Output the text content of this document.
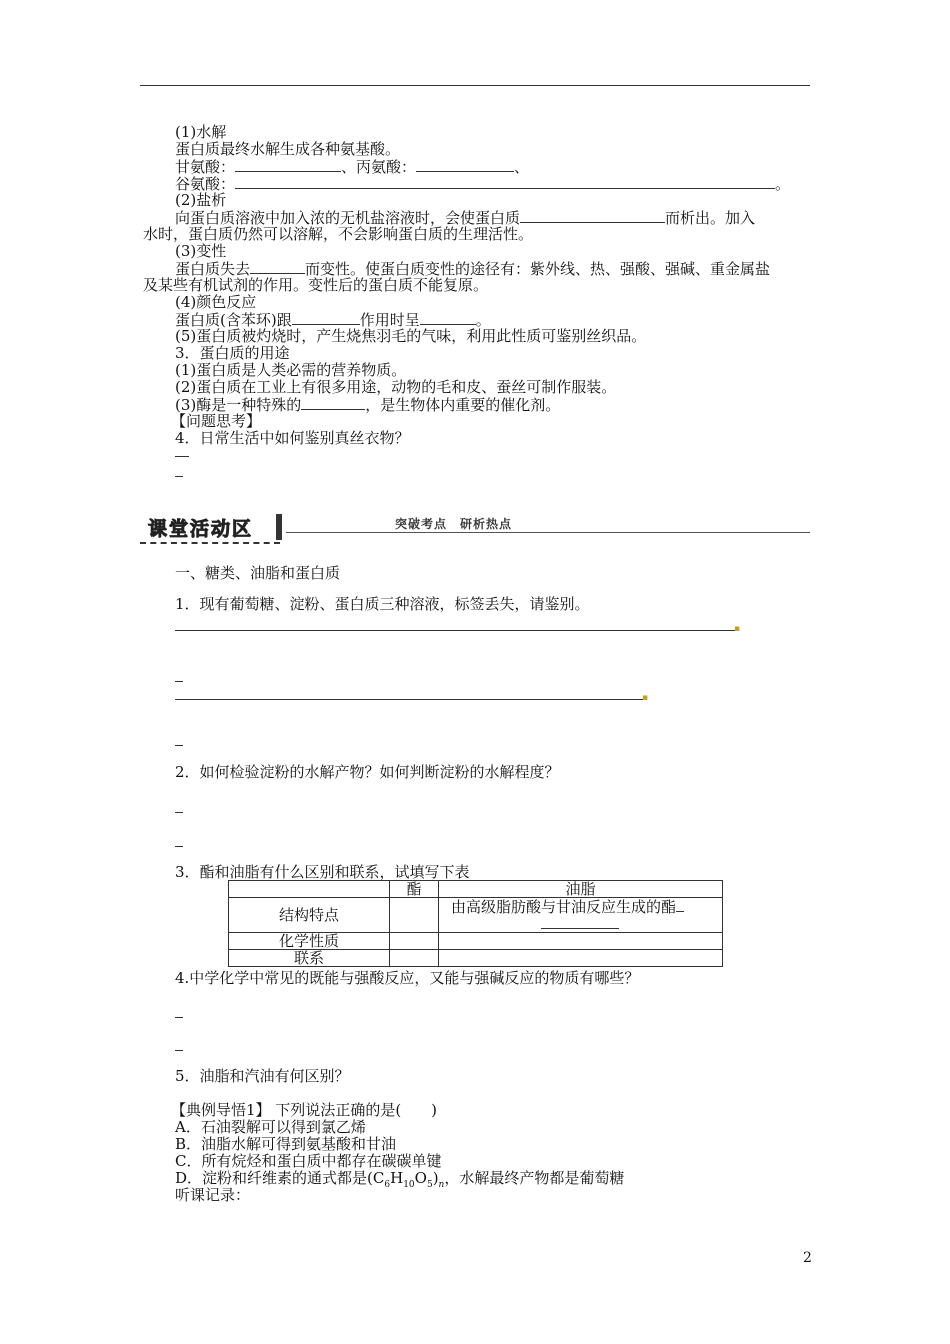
(1)水解
蛋白质最终水解生成各种氨基酸。
甘氨酸：	、丙氨酸：	、
谷氨酸：	。
(2)盐析
向蛋白质溶液中加入浓的无机盐溶液时，会使蛋白质	而析出。加入
水时，蛋白质仍然可以溶解，不会影响蛋白质的生理活性。
(3)变性
蛋白质失去	而变性。使蛋白质变性的途径有：紫外线、热、强酸、强碱、重金属盐
及某些有机试剂的作用。变性后的蛋白质不能复原。
(4)颜色反应
蛋白质(含苯环)跟	作用时呈	。
(5)蛋白质被灼烧时，产生烧焦羽毛的气味，利用此性质可鉴别丝织品。
3．蛋白质的用途
(1)蛋白质是人类必需的营养物质。
(2)蛋白质在工业上有很多用途，动物的毛和皮、蚕丝可制作服装。
(3)酶是一种特殊的	，是生物体内重要的催化剂。
【问题思考】
4．日常生活中如何鉴别真丝衣物？
课堂活动区	突破考点　研析热点
一、糖类、油脂和蛋白质
1．现有葡萄糖、淀粉、蛋白质三种溶液，标签丢失，请鉴别。
▪
▪
2．如何检验淀粉的水解产物？如何判断淀粉的水解程度？
3．酯和油脂有什么区别和联系，试填写下表
	酯	油脂
结构特点		由高级脂肪酸与甘油反应生成的酯

化学性质		
联系		
4.中学化学中常见的既能与强酸反应，又能与强碱反应的物质有哪些？
5．油脂和汽油有何区别？
【典例导悟1】 下列说法正确的是(　　)
A．石油裂解可以得到氯乙烯
B．油脂水解可得到氨基酸和甘油
C．所有烷烃和蛋白质中都存在碳碳单键
D．淀粉和纤维素的通式都是$(C_6H_{10}O_5)_n$，水解最终产物都是葡萄糖
听课记录：
2
